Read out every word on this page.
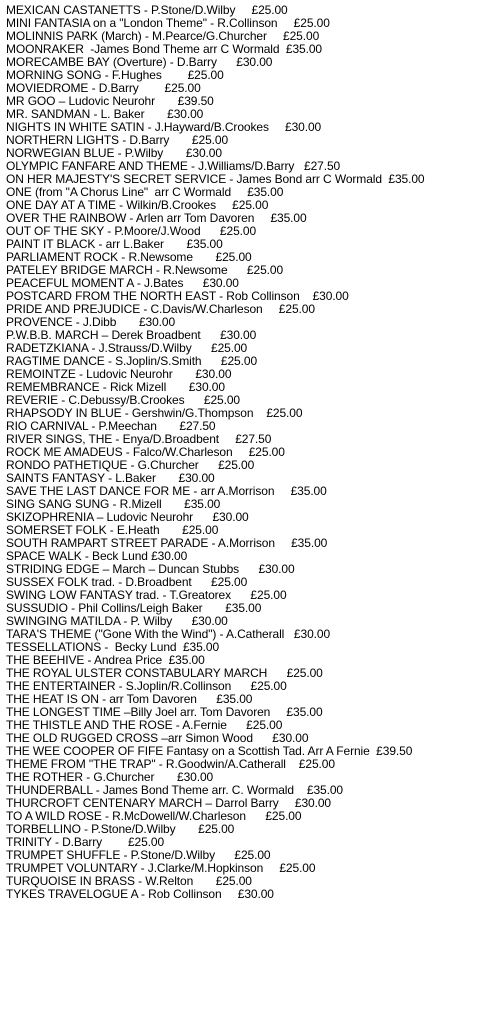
MEXICAN CASTANETTS - P.Stone/D.Wilby     £25.00
MINI FANTASIA on a "London Theme" - R.Collinson     £25.00
MOLINNIS PARK (March) - M.Pearce/G.Churcher     £25.00
MOONRAKER  -James Bond Theme arr C Wormald  £35.00
MORECAMBE BAY (Overture) - D.Barry      £30.00
MORNING SONG - F.Hughes        £25.00
MOVIEDROME - D.Barry        £25.00
MR GOO – Ludovic Neurohr       £39.50
MR. SANDMAN - L. Baker       £30.00
NIGHTS IN WHITE SATIN - J.Hayward/B.Crookes     £30.00
NORTHERN LIGHTS - D.Barry       £25.00
NORWEGIAN BLUE - P.Wilby       £30.00
OLYMPIC FANFARE AND THEME - J.Williams/D.Barry   £27.50
ON HER MAJESTY'S SECRET SERVICE - James Bond arr C Wormald  £35.00
ONE (from "A Chorus Line"  arr C Wormald     £35.00
ONE DAY AT A TIME - Wilkin/B.Crookes     £25.00
OVER THE RAINBOW - Arlen arr Tom Davoren     £35.00
OUT OF THE SKY - P.Moore/J.Wood      £25.00
PAINT IT BLACK - arr L.Baker       £35.00
PARLIAMENT ROCK - R.Newsome       £25.00
PATELEY BRIDGE MARCH - R.Newsome      £25.00
PEACEFUL MOMENT A - J.Bates      £30.00
POSTCARD FROM THE NORTH EAST - Rob Collinson    £30.00
PRIDE AND PREJUDICE - C.Davis/W.Charleson     £25.00
PROVENCE - J.Dibb       £30.00
P.W.B.B. MARCH – Derek Broadbent      £30.00
RADETZKIANA - J.Strauss/D.Wilby      £25.00
RAGTIME DANCE - S.Joplin/S.Smith      £25.00
REMOINTZE - Ludovic Neurohr       £30.00
REMEMBRANCE - Rick Mizell       £30.00
REVERIE - C.Debussy/B.Crookes      £25.00
RHAPSODY IN BLUE - Gershwin/G.Thompson    £25.00
RIO CARNIVAL - P.Meechan       £27.50
RIVER SINGS, THE - Enya/D.Broadbent     £27.50
ROCK ME AMADEUS - Falco/W.Charleson     £25.00
RONDO PATHETIQUE - G.Churcher      £25.00
SAINTS FANTASY - L.Baker       £30.00
SAVE THE LAST DANCE FOR ME - arr A.Morrison     £35.00
SING SANG SUNG - R.Mizell       £35.00
SKIZOPHRENIA – Ludovic Neurohr      £30.00
SOMERSET FOLK - E.Heath       £25.00
SOUTH RAMPART STREET PARADE - A.Morrison     £35.00
SPACE WALK - Beck Lund £30.00
STRIDING EDGE – March – Duncan Stubbs      £30.00
SUSSEX FOLK trad. - D.Broadbent      £25.00
SWING LOW FANTASY trad. - T.Greatorex      £25.00
SUSSUDIO - Phil Collins/Leigh Baker       £35.00
SWINGING MATILDA - P. Wilby      £30.00
TARA'S THEME ("Gone With the Wind") - A.Catherall   £30.00
TESSELLATIONS -  Becky Lund  £35.00
THE BEEHIVE - Andrea Price  £35.00
THE ROYAL ULSTER CONSTABULARY MARCH      £25.00
THE ENTERTAINER - S.Joplin/R.Collinson      £25.00
THE HEAT IS ON - arr Tom Davoren      £35.00
THE LONGEST TIME –Billy Joel arr. Tom Davoren     £35.00
THE THISTLE AND THE ROSE - A.Fernie      £25.00
THE OLD RUGGED CROSS –arr Simon Wood      £30.00
THE WEE COOPER OF FIFE Fantasy on a Scottish Tad. Arr A Fernie  £39.50
THEME FROM "THE TRAP" - R.Goodwin/A.Catherall    £25.00
THE ROTHER - G.Churcher       £30.00
THUNDERBALL - James Bond Theme arr. C. Wormald    £35.00
THURCROFT CENTENARY MARCH – Darrol Barry     £30.00
TO A WILD ROSE - R.McDowell/W.Charleson      £25.00
TORBELLINO - P.Stone/D.Wilby       £25.00
TRINITY - D.Barry        £25.00
TRUMPET SHUFFLE - P.Stone/D.Wilby      £25.00
TRUMPET VOLUNTARY - J.Clarke/M.Hopkinson     £25.00
TURQUOISE IN BRASS - W.Relton       £25.00
TYKES TRAVELOGUE A - Rob Collinson     £30.00
